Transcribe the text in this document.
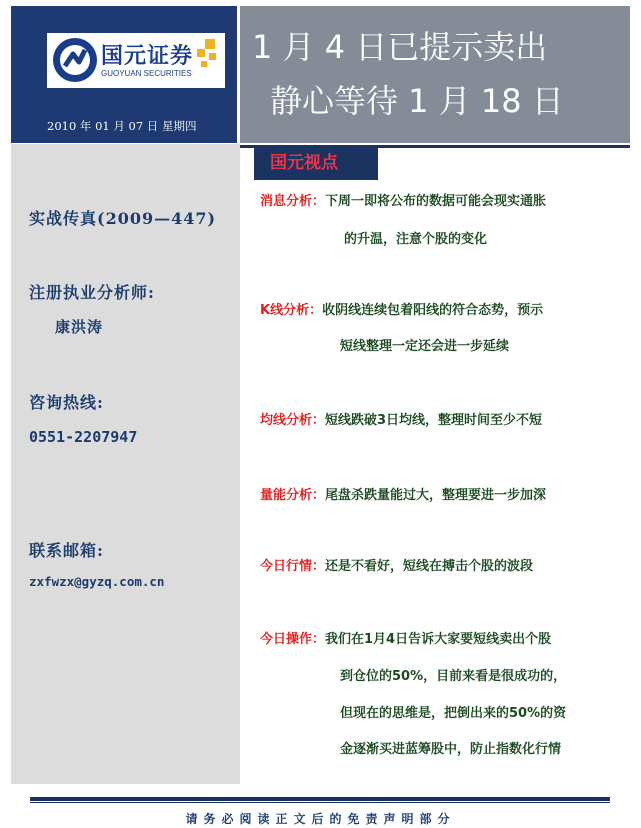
国元证券
GUOYUAN SECURITIES
2010 年 01 月 07 日 星期四
1 月 4 日已提示卖出
静心等待 1 月 18 日
实战传真(2009—447)
注册执业分析师:
康洪涛
咨询热线:
0551-2207947
联系邮箱:
zxfwzx@gyzq.com.cn
国元视点
消息分析：下周一即将公布的数据可能会现实通胀
的升温，注意个股的变化
K线分析：收阴线连续包着阳线的符合态势，预示
短线整理一定还会进一步延续
均线分析：短线跌破3日均线，整理时间至少不短
量能分析：尾盘杀跌量能过大，整理要进一步加深
今日行情：还是不看好，短线在搏击个股的波段
今日操作：我们在1月4日告诉大家要短线卖出个股
到仓位的50%，目前来看是很成功的，
但现在的思维是，把倒出来的50%的资
金逐渐买进蓝筹股中，防止指数化行情
请务必阅读正文后的免责声明部分
